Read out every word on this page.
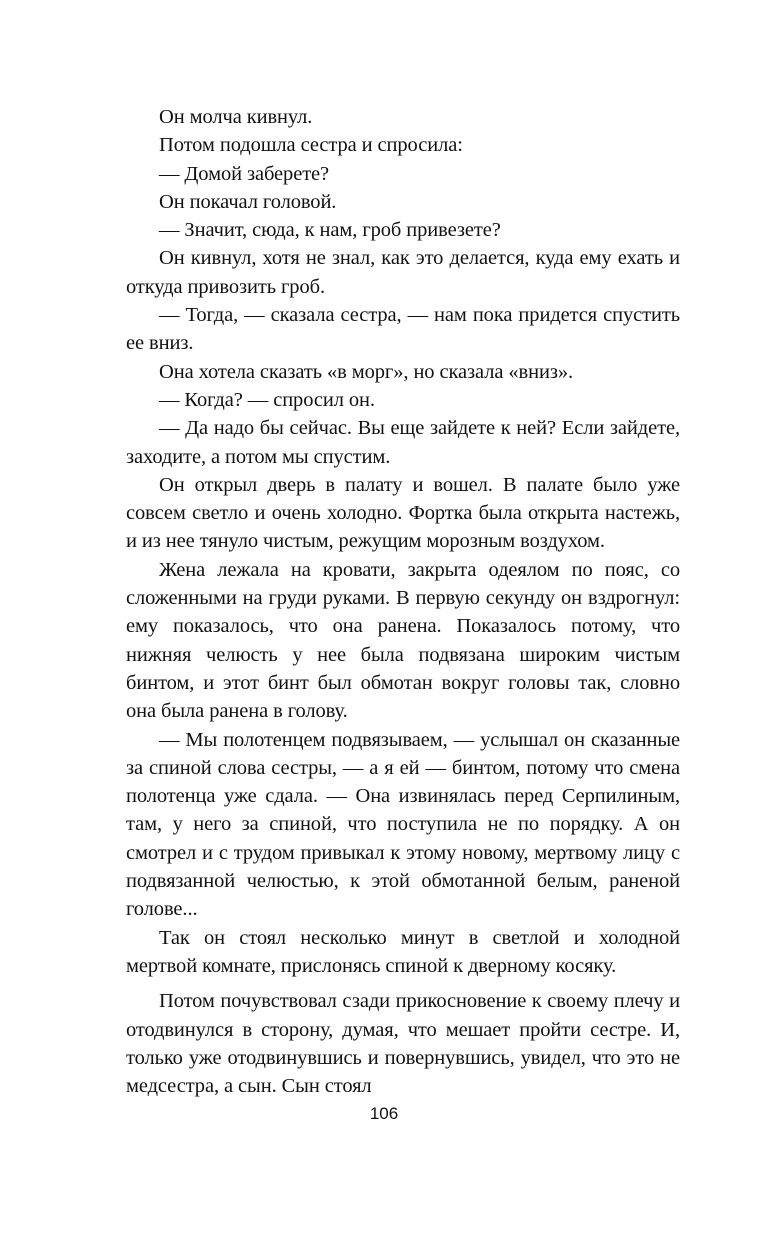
Он молча кивнул.

Потом подошла сестра и спросила:

— Домой заберете?

Он покачал головой.

— Значит, сюда, к нам, гроб привезете?

Он кивнул, хотя не знал, как это делается, куда ему ехать и откуда привозить гроб.

— Тогда, — сказала сестра, — нам пока придется спустить ее вниз.

Она хотела сказать «в морг», но сказала «вниз».

— Когда? — спросил он.

— Да надо бы сейчас. Вы еще зайдете к ней? Если зайдете, заходите, а потом мы спустим.

Он открыл дверь в палату и вошел. В палате было уже совсем светло и очень холодно. Фортка была открыта настежь, и из нее тянуло чистым, режущим морозным воздухом.

Жена лежала на кровати, закрыта одеялом по пояс, со сложенными на груди руками. В первую секунду он вздрогнул: ему показалось, что она ранена. Показалось потому, что нижняя челюсть у нее была подвязана широким чистым бинтом, и этот бинт был обмотан вокруг головы так, словно она была ранена в голову.

— Мы полотенцем подвязываем, — услышал он сказанные за спиной слова сестры, — а я ей — бинтом, потому что смена полотенца уже сдала. — Она извинялась перед Серпилиным, там, у него за спиной, что поступила не по порядку. А он смотрел и с трудом привыкал к этому новому, мертвому лицу с подвязанной челюстью, к этой обмотанной белым, раненой голове...

Так он стоял несколько минут в светлой и холодной мертвой комнате, прислонясь спиной к дверному косяку.

Потом почувствовал сзади прикосновение к своему плечу и отодвинулся в сторону, думая, что мешает пройти сестре. И, только уже отодвинувшись и повернувшись, увидел, что это не медсестра, а сын. Сын стоял

106
